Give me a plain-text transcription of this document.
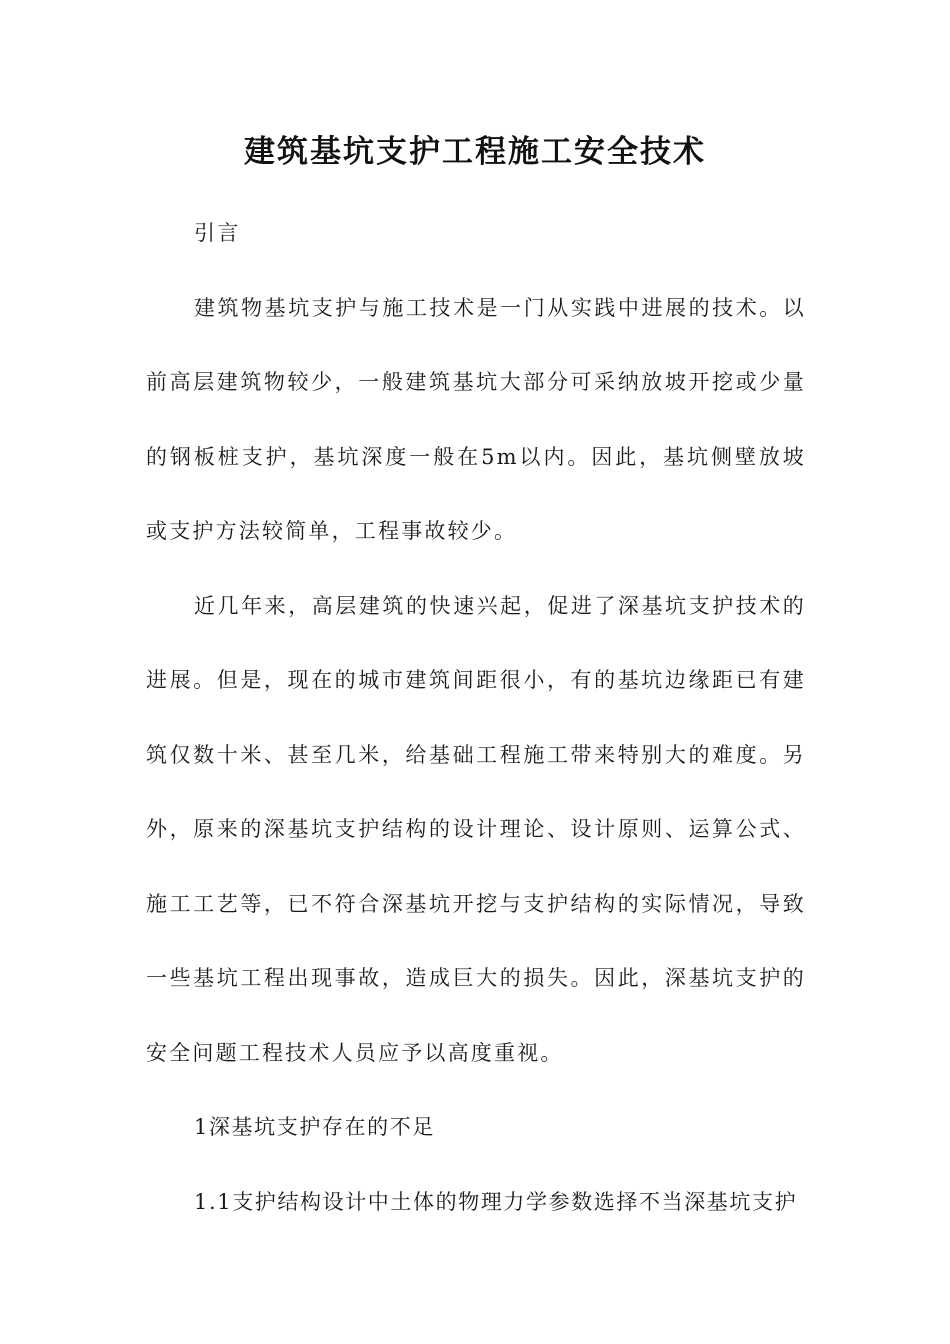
建筑基坑支护工程施工安全技术

引言

建筑物基坑支护与施工技术是一门从实践中进展的技术。以前高层建筑物较少，一般建筑基坑大部分可采纳放坡开挖或少量的钢板桩支护，基坑深度一般在5m以内。因此，基坑侧壁放坡或支护方法较简单，工程事故较少。

近几年来，高层建筑的快速兴起，促进了深基坑支护技术的进展。但是，现在的城市建筑间距很小，有的基坑边缘距已有建筑仅数十米、甚至几米，给基础工程施工带来特别大的难度。另外，原来的深基坑支护结构的设计理论、设计原则、运算公式、施工工艺等，已不符合深基坑开挖与支护结构的实际情况，导致一些基坑工程出现事故，造成巨大的损失。因此，深基坑支护的安全问题工程技术人员应予以高度重视。

1深基坑支护存在的不足

1.1支护结构设计中土体的物理力学参数选择不当深基坑支护
